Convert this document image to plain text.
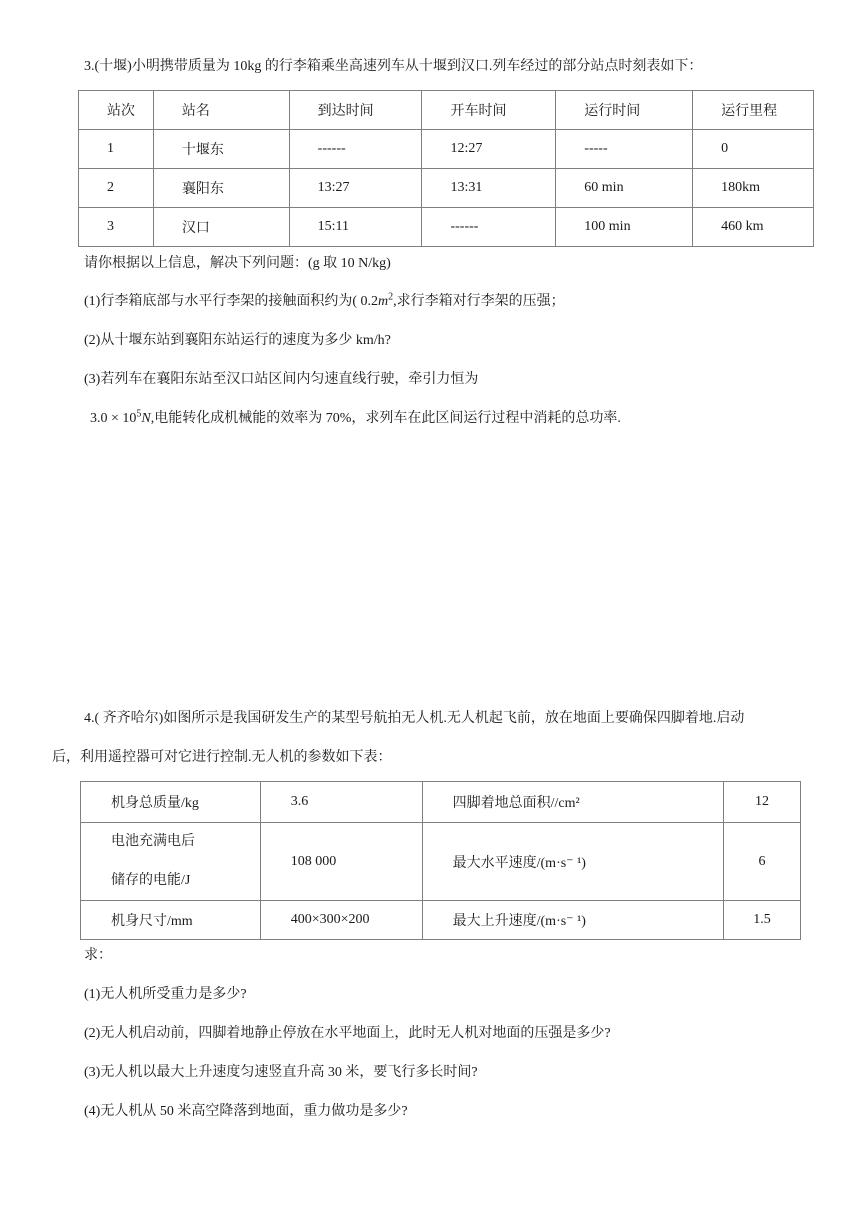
3.(十堰)小明携带质量为 10kg 的行李箱乘坐高速列车从十堰到汉口.列车经过的部分站点时刻表如下：
站次	站名	到达时间	开车时间	运行时间	运行里程
1	十堰东	------	12:27	-----	0
2	襄阳东	13:27	13:31	60 min	180km
3	汉口	15:11	------	100 min	460 km
请你根据以上信息，解决下列问题：(g 取 10 N/kg)
(1)行李箱底部与水平行李架的接触面积约为( $0.2m^2$,求行李箱对行李架的压强；
(2)从十堰东站到襄阳东站运行的速度为多少 km/h?
(3)若列车在襄阳东站至汉口站区间内匀速直线行驶，牵引力恒为
$3.0 \times 10^5N$,电能转化成机械能的效率为 70%，求列车在此区间运行过程中消耗的总功率.
4.( 齐齐哈尔)如图所示是我国研发生产的某型号航拍无人机.无人机起飞前，放在地面上要确保四脚着地.启动
后，利用遥控器可对它进行控制.无人机的参数如下表：
机身总质量/kg	3.6	四脚着地总面积//cm²	12

电池充满电后
储存的电能/J	108 000	最大水平速度/(m·s⁻ ¹)	6
机身尺寸/mm	400×300×200	最大上升速度/(m·s⁻ ¹)	1.5
求：
(1)无人机所受重力是多少?
(2)无人机启动前，四脚着地静止停放在水平地面上，此时无人机对地面的压强是多少?
(3)无人机以最大上升速度匀速竖直升高 30 米，要飞行多长时间?
(4)无人机从 50 米高空降落到地面，重力做功是多少?
